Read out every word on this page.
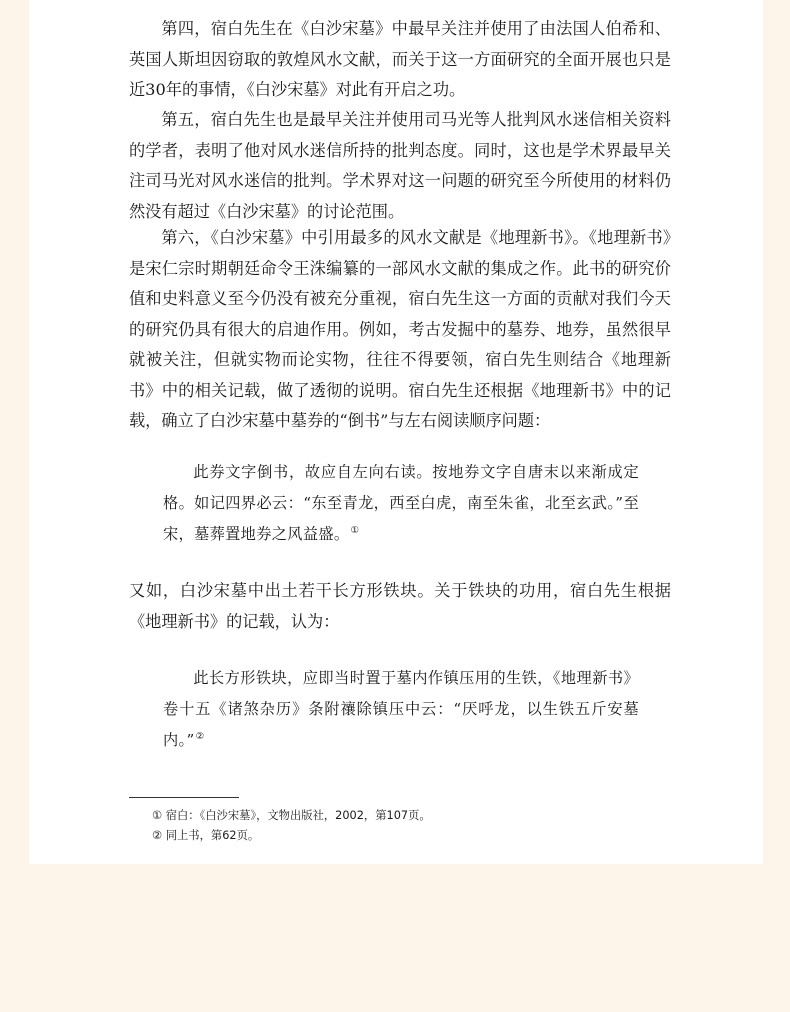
第四，宿白先生在《白沙宋墓》中最早关注并使用了由法国人伯希和、英国人斯坦因窃取的敦煌风水文献，而关于这一方面研究的全面开展也只是近30年的事情，《白沙宋墓》对此有开启之功。

第五，宿白先生也是最早关注并使用司马光等人批判风水迷信相关资料的学者，表明了他对风水迷信所持的批判态度。同时，这也是学术界最早关注司马光对风水迷信的批判。学术界对这一问题的研究至今所使用的材料仍然没有超过《白沙宋墓》的讨论范围。

第六，《白沙宋墓》中引用最多的风水文献是《地理新书》。《地理新书》是宋仁宗时期朝廷命令王洙编纂的一部风水文献的集成之作。此书的研究价值和史料意义至今仍没有被充分重视，宿白先生这一方面的贡献对我们今天的研究仍具有很大的启迪作用。例如，考古发掘中的墓券、地券，虽然很早就被关注，但就实物而论实物，往往不得要领，宿白先生则结合《地理新书》中的相关记载，做了透彻的说明。宿白先生还根据《地理新书》中的记载，确立了白沙宋墓中墓券的“倒书”与左右阅读顺序问题：

此券文字倒书，故应自左向右读。按地券文字自唐末以来渐成定格。如记四界必云：“东至青龙，西至白虎，南至朱雀，北至玄武。”至宋，墓葬置地券之风益盛。①

又如，白沙宋墓中出土若干长方形铁块。关于铁块的功用，宿白先生根据《地理新书》的记载，认为：

此长方形铁块，应即当时置于墓内作镇压用的生铁，《地理新书》卷十五《诸煞杂历》条附禳除镇压中云：“厌呼龙，以生铁五斤安墓内。”②

① 宿白：《白沙宋墓》，文物出版社，2002，第107页。
② 同上书，第62页。
